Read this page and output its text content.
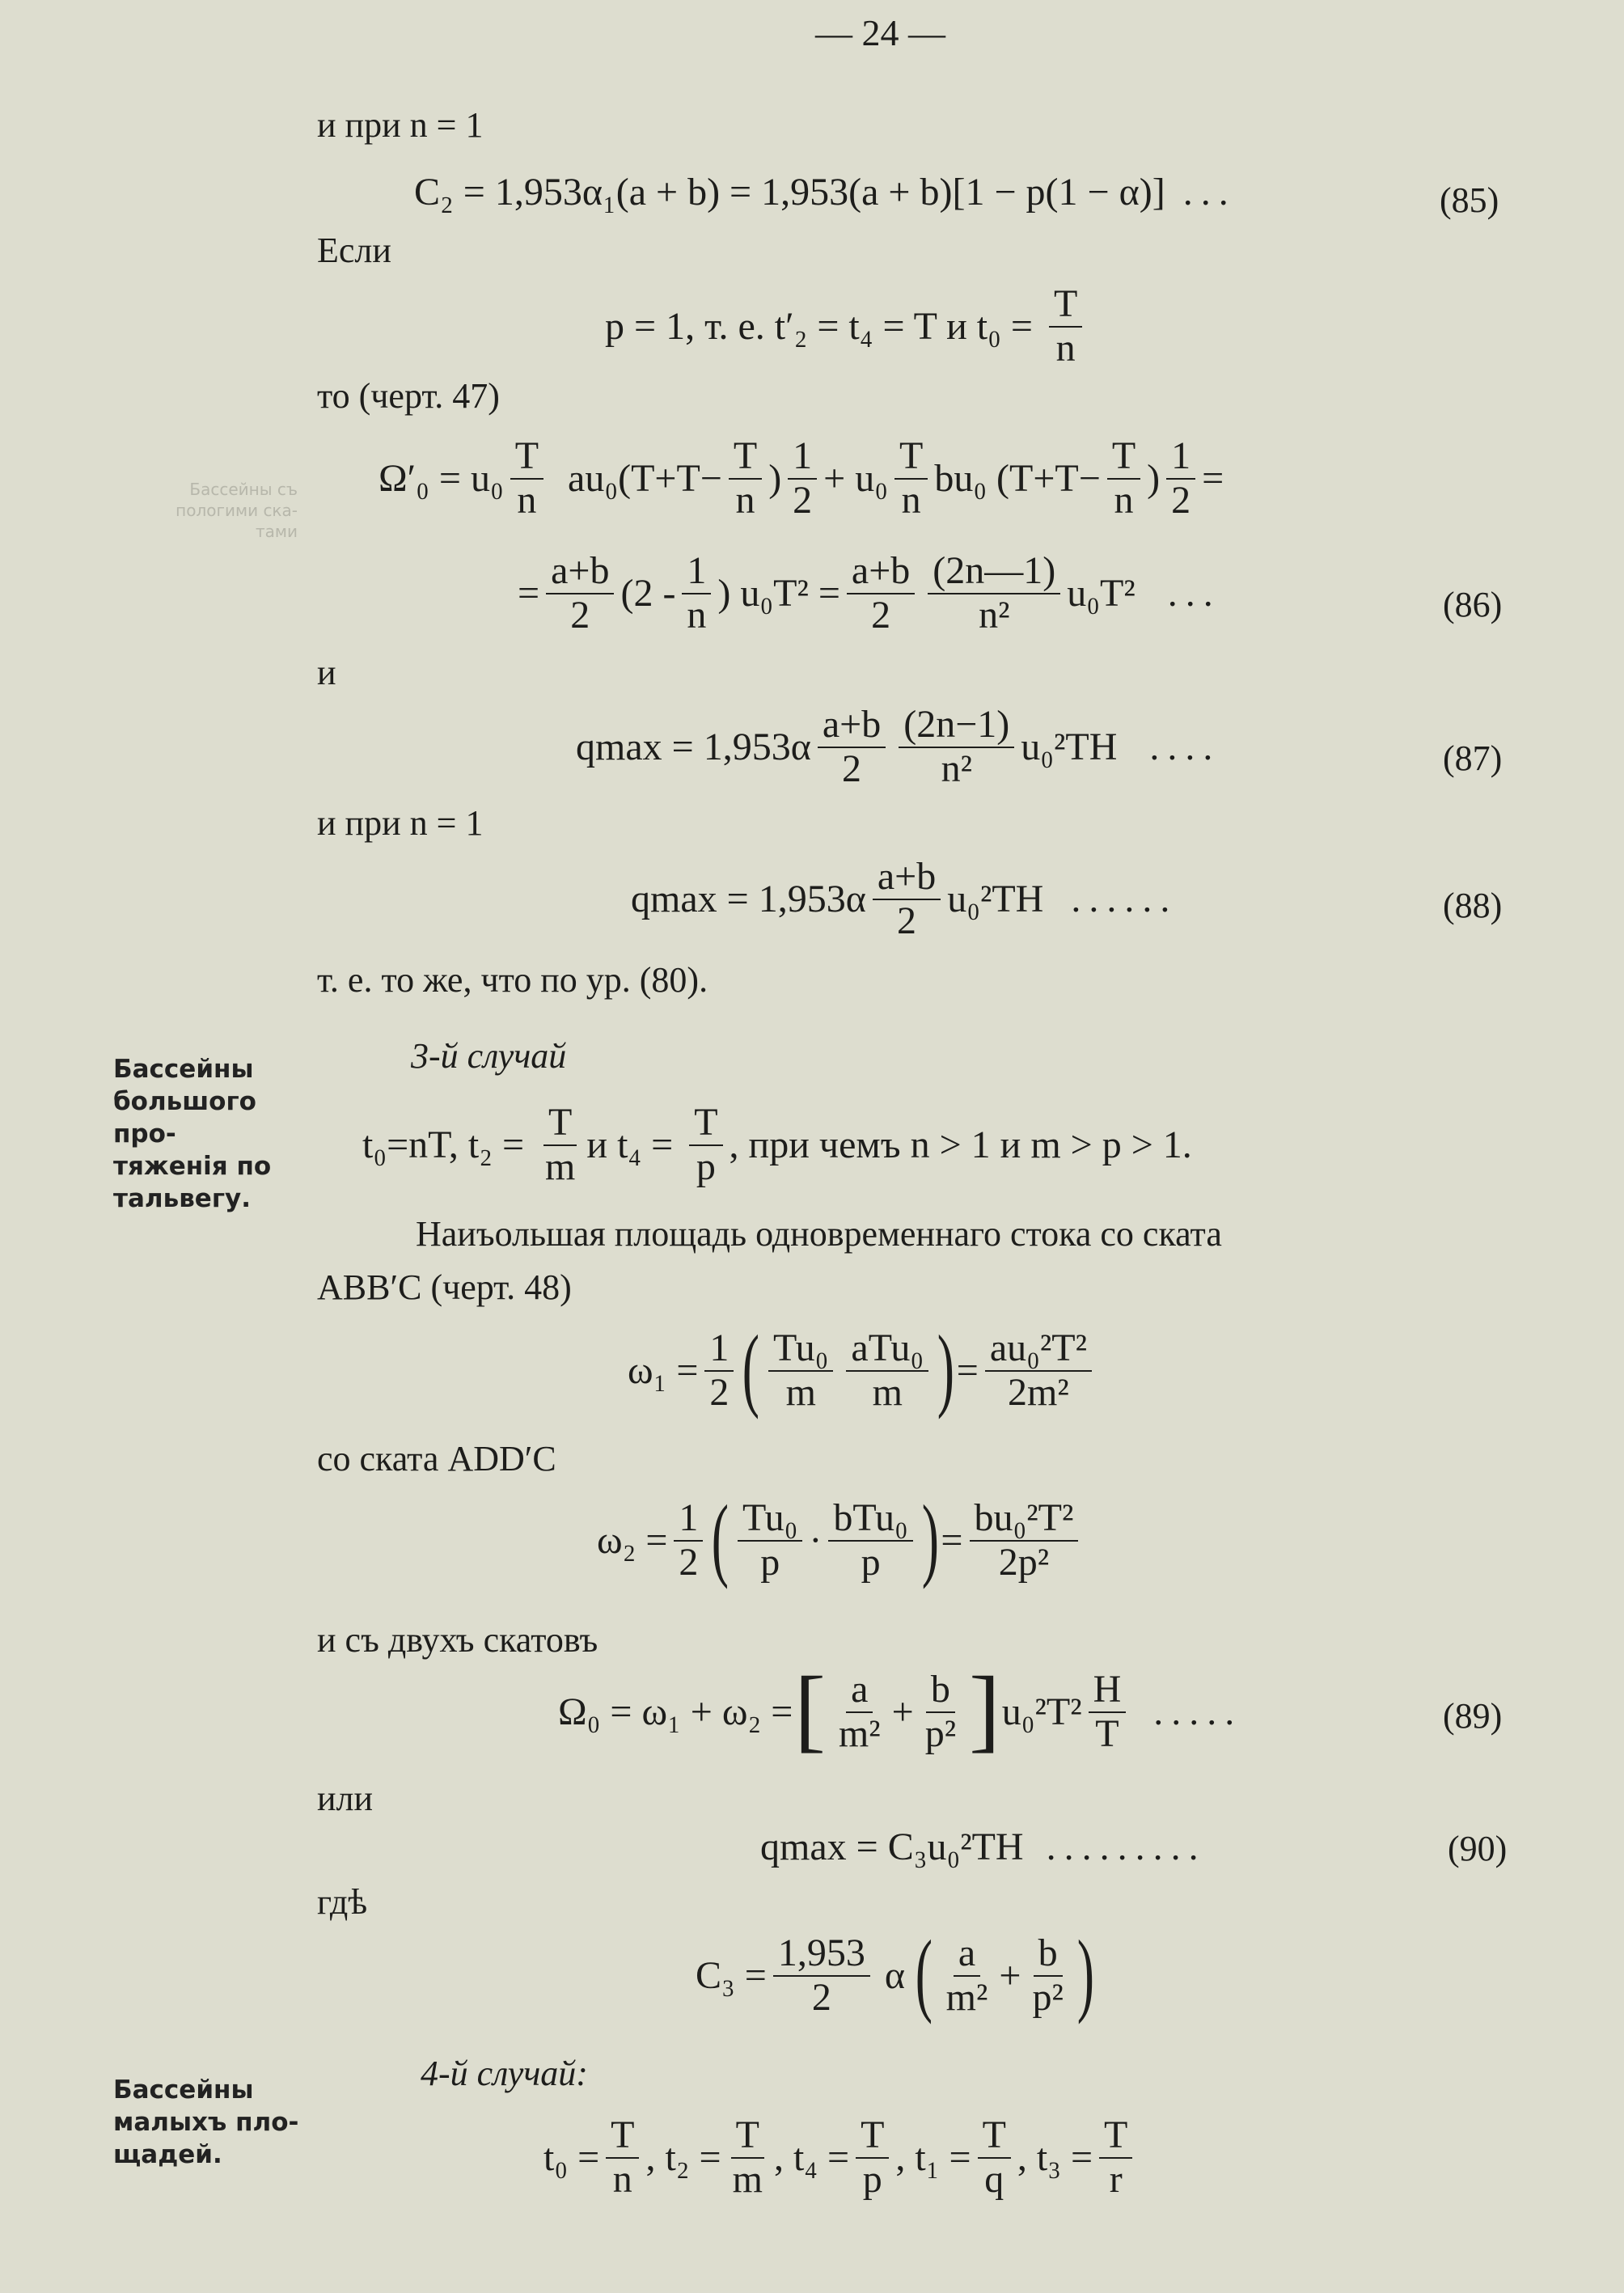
— 24 —
Бассейны съ
пологими ска-
тами
и при n = 1
C₂ = 1,953α₁(a + b) = 1,953(a + b)[1 − p(1 − α)] ...	(85)
Если
p = 1, т. е. t′₂ = t₄ = T и $t_0 = \frac{T}{n}$
то (черт. 47)
$\Omega'_0 = u_0 \frac{T}{n} au_0(T+T- \frac{T}{n}$ ) $\frac{1}{2} + u_0 \frac{T}{n} bu_0$ ($T+T- \frac{T}{n}$ ) $\frac{1}{2}$ =
= $\frac{a+b}{2} (2 - \frac{1}{n}$ ) $u_0T^2 = \frac{a+b}{2} \frac{(2n—1)}{\text{n²}} u_0T^2$ ...	(86)
и
$qmax = 1,953\alpha \frac{a+b}{2} \frac{(2n-1)}{\text{n²}} u_0^2TH$ ....	(87)
и при n = 1
$qmax = 1,953\alpha \frac{a+b}{2} u_0^2TH$ ......	(88)
т. е. то же, что по ур. (80).
Бассейны
большого про-
тяженія по
тальвегу.
3-й случай
t₀=nT, $t_2 = \frac{T}{m}$ и $t_4 = \frac{T}{p}$ , при чемъ n > 1 и m > p > 1.
Наиъольшая площадь одновременнаго стока со ската
ABB′C (черт. 48)
$\omega_1 = \frac{1}{2}$ ( $\frac{\text{Tu₀}}{m} \frac{\text{aTu₀}}{m}$ ) = $\frac{\text{au₀²T²}}{\text{2m²}}$
со ската ADD′C
$\omega_2 = \frac{1}{2}$ ( $\frac{\text{Tu₀}}{p} \cdot \frac{\text{bTu₀}}{p}$ ) = $\frac{\text{bu₀²T²}}{\text{2p²}}$
и съ двухъ скатовъ
Ω₀ = ω₁ + ω₂ = [ $\frac{a}{\text{m²}} + \frac{b}{\text{p²}}$ ] $u_0^2T^2 \frac{H}{T}$ .....	(89)
или
qmax = C₃u₀²TH .........	(90)
гдѣ
$C_3 = \frac{1,953}{2}$ α ( $\frac{a}{\text{m²}} + \frac{b}{\text{p²}}$ )
Бассейны
малыхъ пло-
щадей.
4-й случай:
$t_0 = \frac{T}{n}$ , $t_2 = \frac{T}{m}$ , $t_4 = \frac{T}{p}$ , $t_1 = \frac{T}{q}$ , $t_3 = \frac{T}{r}$
